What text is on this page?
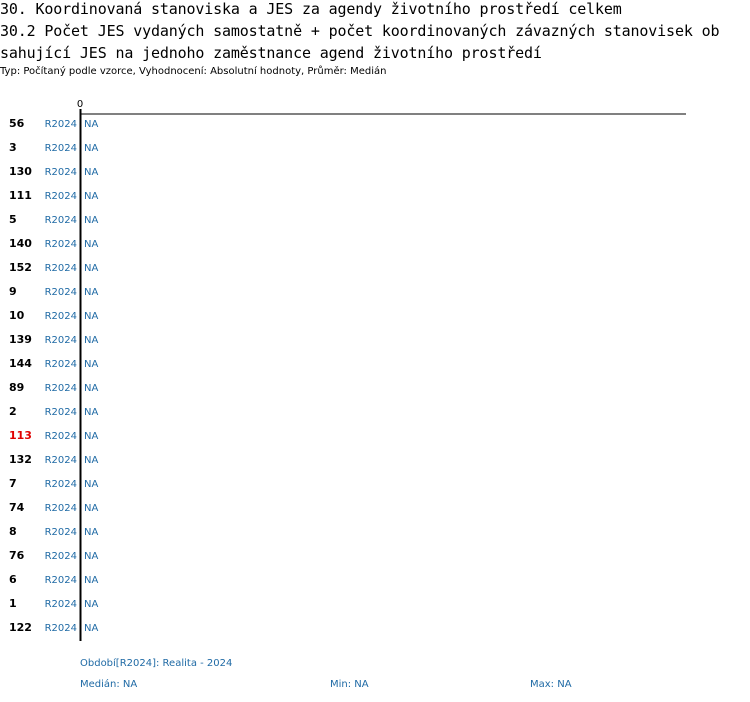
30. Koordinovaná stanoviska a JES za agendy životního prostředí celkem
30.2 Počet JES vydaných samostatně + počet koordinovaných závazných stanovisek ob
sahující JES na jednoho zaměstnance agend životního prostředí
Typ: Počítaný podle vzorce, Vyhodnocení: Absolutní hodnoty, Průměr: Medián
0
56 R2024 NA
3	R2024 NA
130 R2024 NA
111 R2024 NA
5	R2024 NA
140 R2024 NA
152 R2024 NA
9	R2024 NA
10 R2024 NA
139 R2024 NA
144 R2024 NA
89 R2024 NA
2	R2024 NA
113 R2024 NA
132 R2024 NA
7	R2024 NA
74 R2024 NA
8	R2024 NA
76 R2024 NA
6	R2024 NA
1	R2024 NA
122 R2024 NA
Období[R2024]: Realita - 2024
Medián: NA	Min: NA	Max: NA
